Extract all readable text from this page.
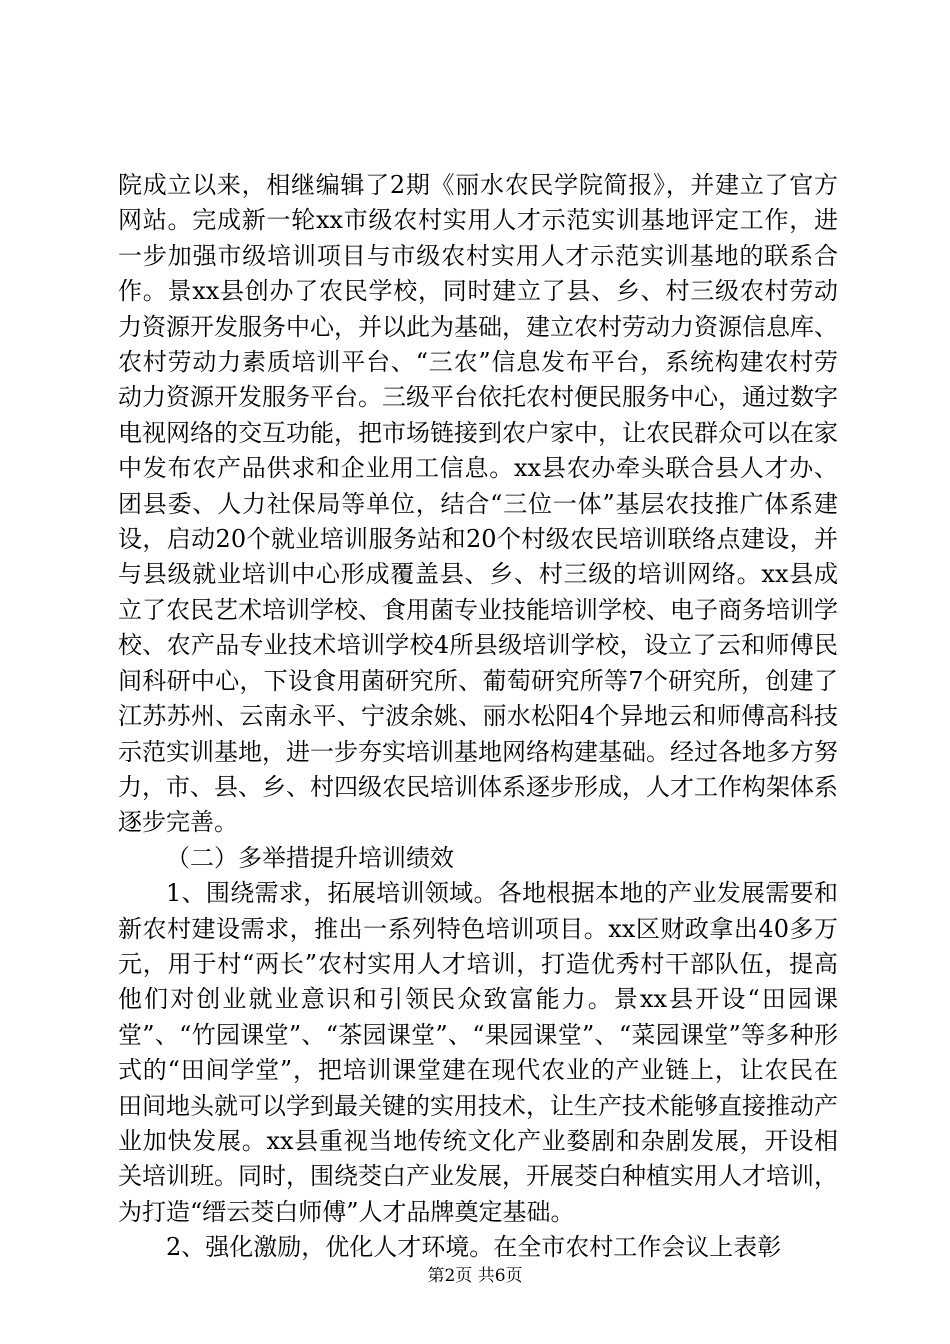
院成立以来，相继编辑了2期《丽水农民学院简报》，并建立了官方网站。完成新一轮xx市级农村实用人才示范实训基地评定工作，进一步加强市级培训项目与市级农村实用人才示范实训基地的联系合作。景xx县创办了农民学校，同时建立了县、乡、村三级农村劳动力资源开发服务中心，并以此为基础，建立农村劳动力资源信息库、农村劳动力素质培训平台、“三农”信息发布平台，系统构建农村劳动力资源开发服务平台。三级平台依托农村便民服务中心，通过数字电视网络的交互功能，把市场链接到农户家中，让农民群众可以在家中发布农产品供求和企业用工信息。xx县农办牵头联合县人才办、团县委、人力社保局等单位，结合“三位一体”基层农技推广体系建设，启动20个就业培训服务站和20个村级农民培训联络点建设，并与县级就业培训中心形成覆盖县、乡、村三级的培训网络。xx县成立了农民艺术培训学校、食用菌专业技能培训学校、电子商务培训学校、农产品专业技术培训学校4所县级培训学校，设立了云和师傅民间科研中心，下设食用菌研究所、葡萄研究所等7个研究所，创建了江苏苏州、云南永平、宁波余姚、丽水松阳4个异地云和师傅高科技示范实训基地，进一步夯实培训基地网络构建基础。经过各地多方努力，市、县、乡、村四级农民培训体系逐步形成，人才工作构架体系逐步完善。

（二）多举措提升培训绩效

1、围绕需求，拓展培训领域。各地根据本地的产业发展需要和新农村建设需求，推出一系列特色培训项目。xx区财政拿出40多万元，用于村“两长”农村实用人才培训，打造优秀村干部队伍，提高他们对创业就业意识和引领民众致富能力。景xx县开设“田园课堂”、“竹园课堂”、“茶园课堂”、“果园课堂”、“菜园课堂”等多种形式的“田间学堂”，把培训课堂建在现代农业的产业链上，让农民在田间地头就可以学到最关键的实用技术，让生产技术能够直接推动产业加快发展。xx县重视当地传统文化产业婺剧和杂剧发展，开设相关培训班。同时，围绕茭白产业发展，开展茭白种植实用人才培训，为打造“缙云茭白师傅”人才品牌奠定基础。

2、强化激励，优化人才环境。在全市农村工作会议上表彰

第2页 共6页
